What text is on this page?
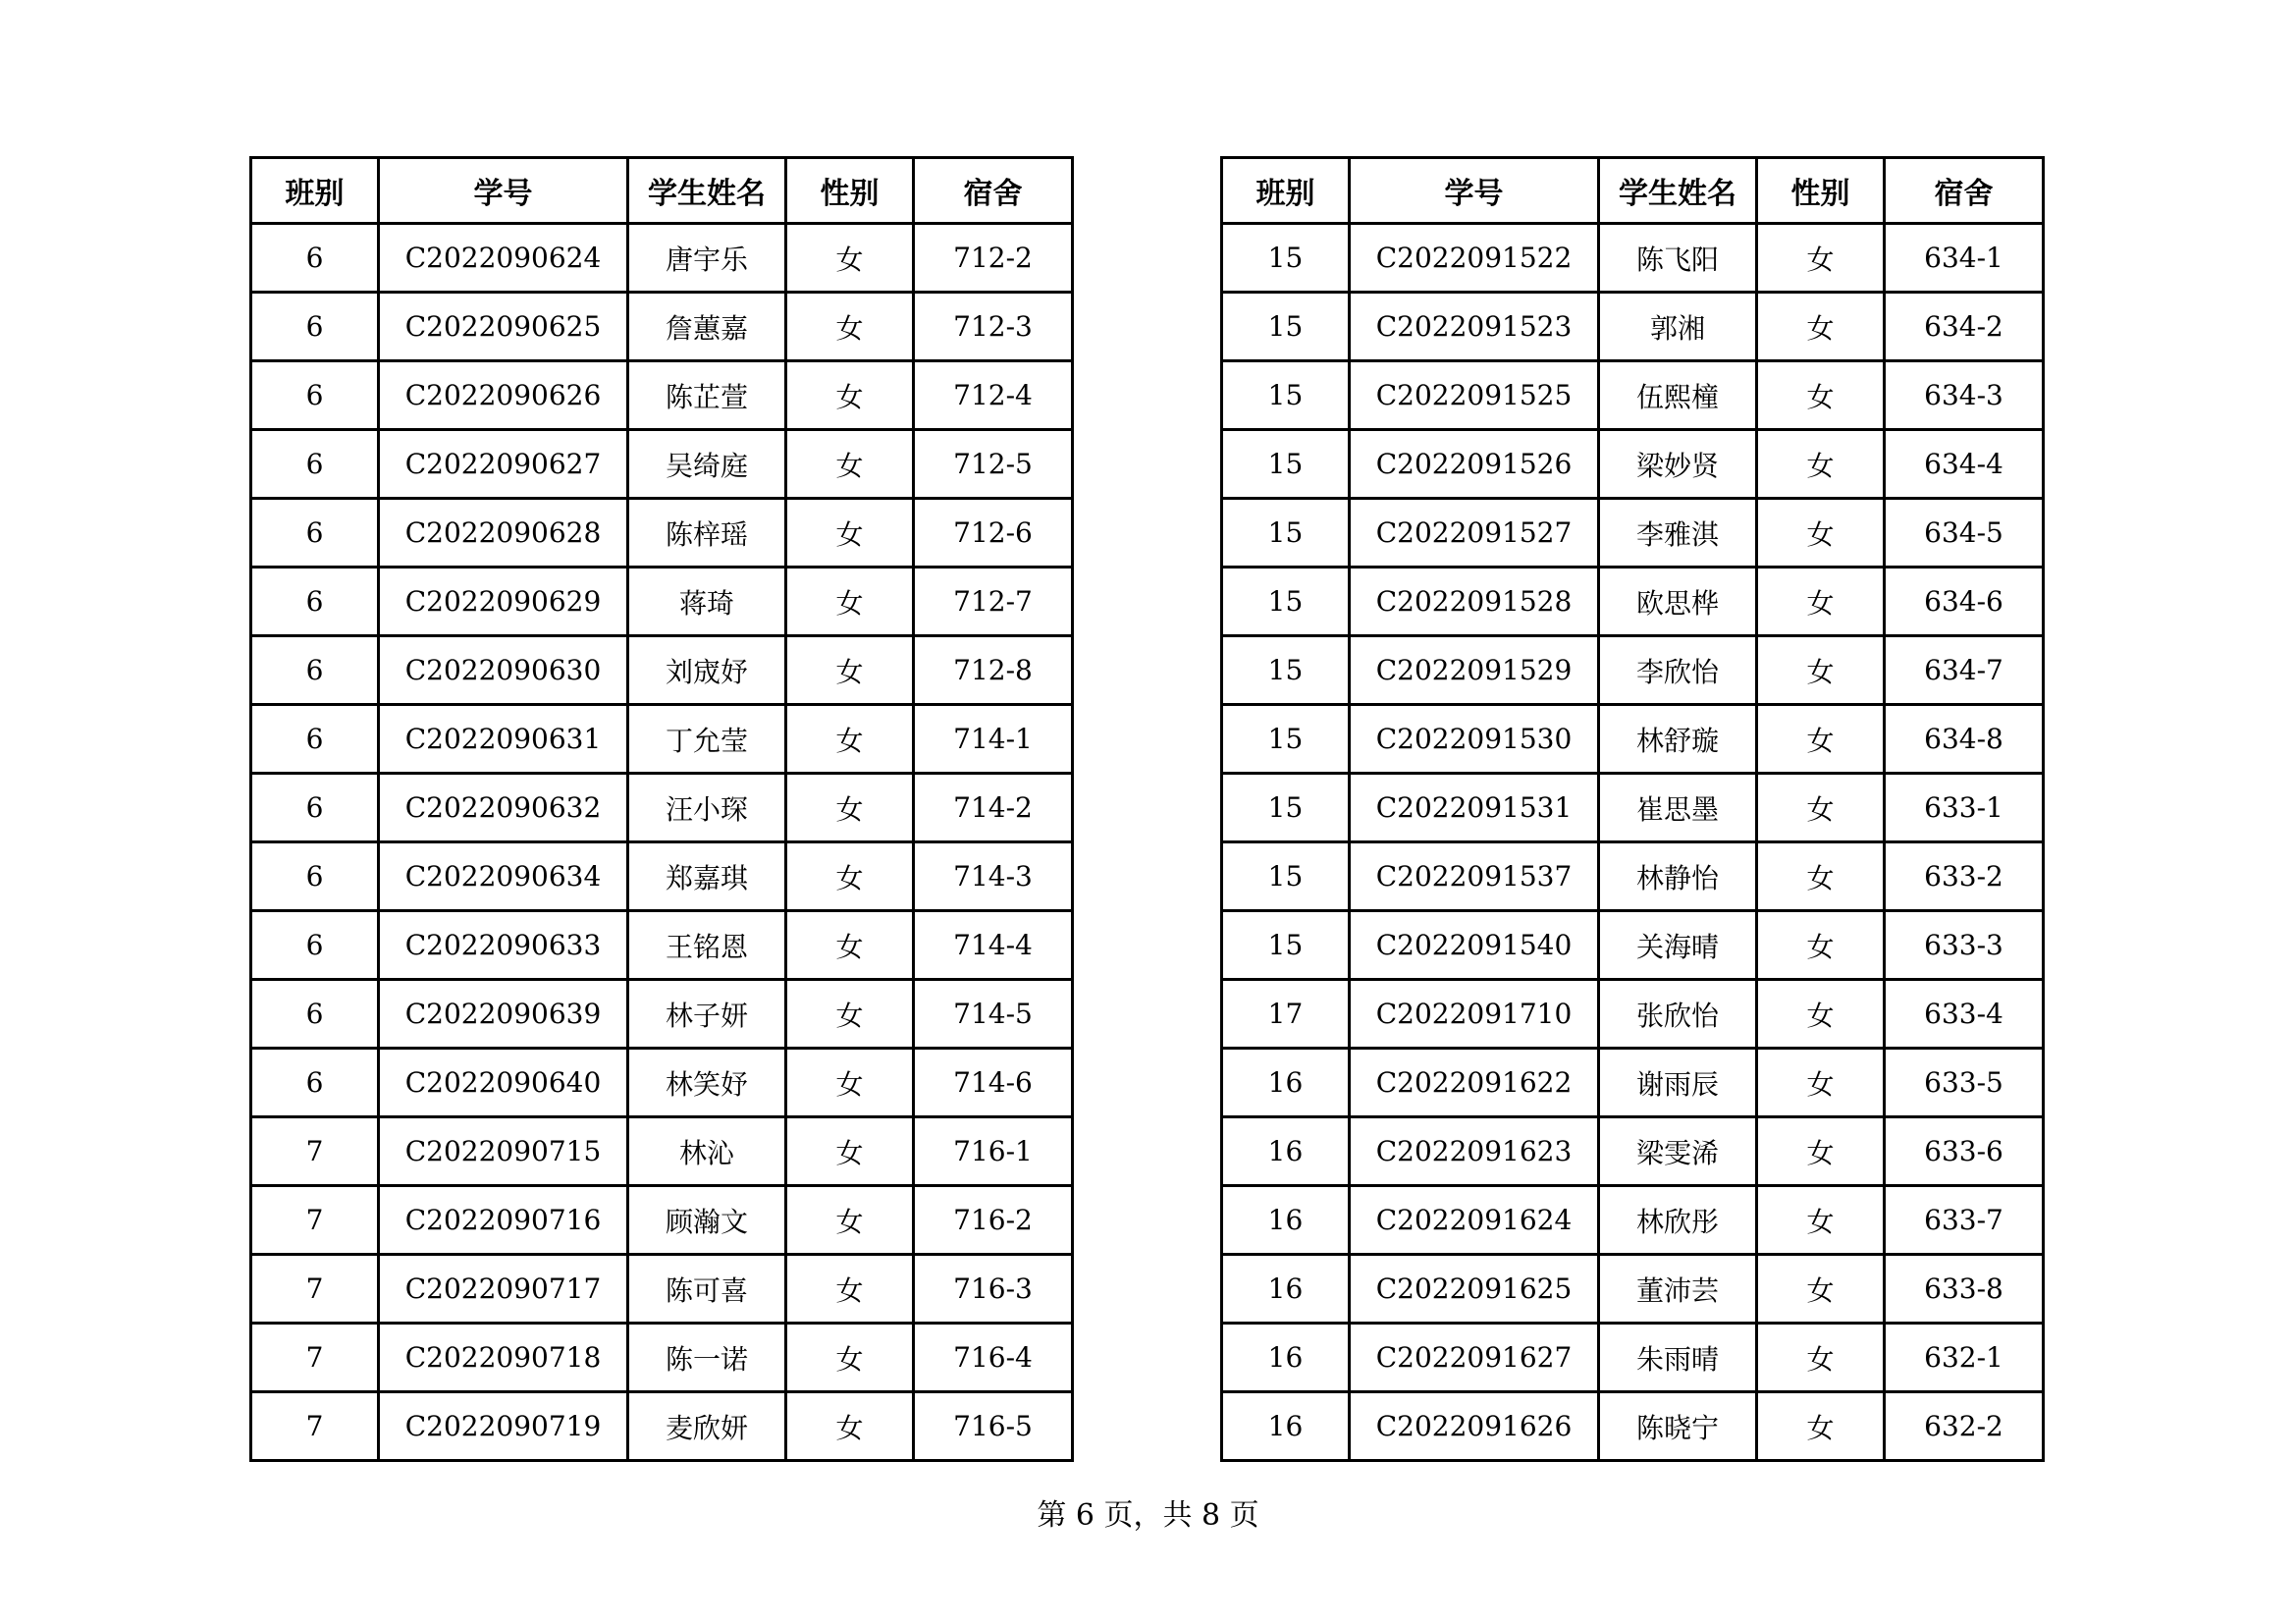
班别	学号	学生姓名	性别	宿舍
6	C2022090624	唐宇乐	女	712-2
6	C2022090625	詹蕙嘉	女	712-3
6	C2022090626	陈芷萱	女	712-4
6	C2022090627	吴绮庭	女	712-5
6	C2022090628	陈梓瑶	女	712-6
6	C2022090629	蒋琦	女	712-7
6	C2022090630	刘宬妤	女	712-8
6	C2022090631	丁允莹	女	714-1
6	C2022090632	汪小琛	女	714-2
6	C2022090634	郑嘉琪	女	714-3
6	C2022090633	王铭恩	女	714-4
6	C2022090639	林子妍	女	714-5
6	C2022090640	林笑妤	女	714-6
7	C2022090715	林沁	女	716-1
7	C2022090716	顾瀚文	女	716-2
7	C2022090717	陈可喜	女	716-3
7	C2022090718	陈一诺	女	716-4
7	C2022090719	麦欣妍	女	716-5
班别	学号	学生姓名	性别	宿舍
15	C2022091522	陈飞阳	女	634-1
15	C2022091523	郭湘	女	634-2
15	C2022091525	伍熙橦	女	634-3
15	C2022091526	梁妙贤	女	634-4
15	C2022091527	李雅淇	女	634-5
15	C2022091528	欧思桦	女	634-6
15	C2022091529	李欣怡	女	634-7
15	C2022091530	林舒璇	女	634-8
15	C2022091531	崔思墨	女	633-1
15	C2022091537	林静怡	女	633-2
15	C2022091540	关海晴	女	633-3
17	C2022091710	张欣怡	女	633-4
16	C2022091622	谢雨辰	女	633-5
16	C2022091623	梁雯浠	女	633-6
16	C2022091624	林欣彤	女	633-7
16	C2022091625	董沛芸	女	633-8
16	C2022091627	朱雨晴	女	632-1
16	C2022091626	陈晓宁	女	632-2
第 6 页，共 8 页
